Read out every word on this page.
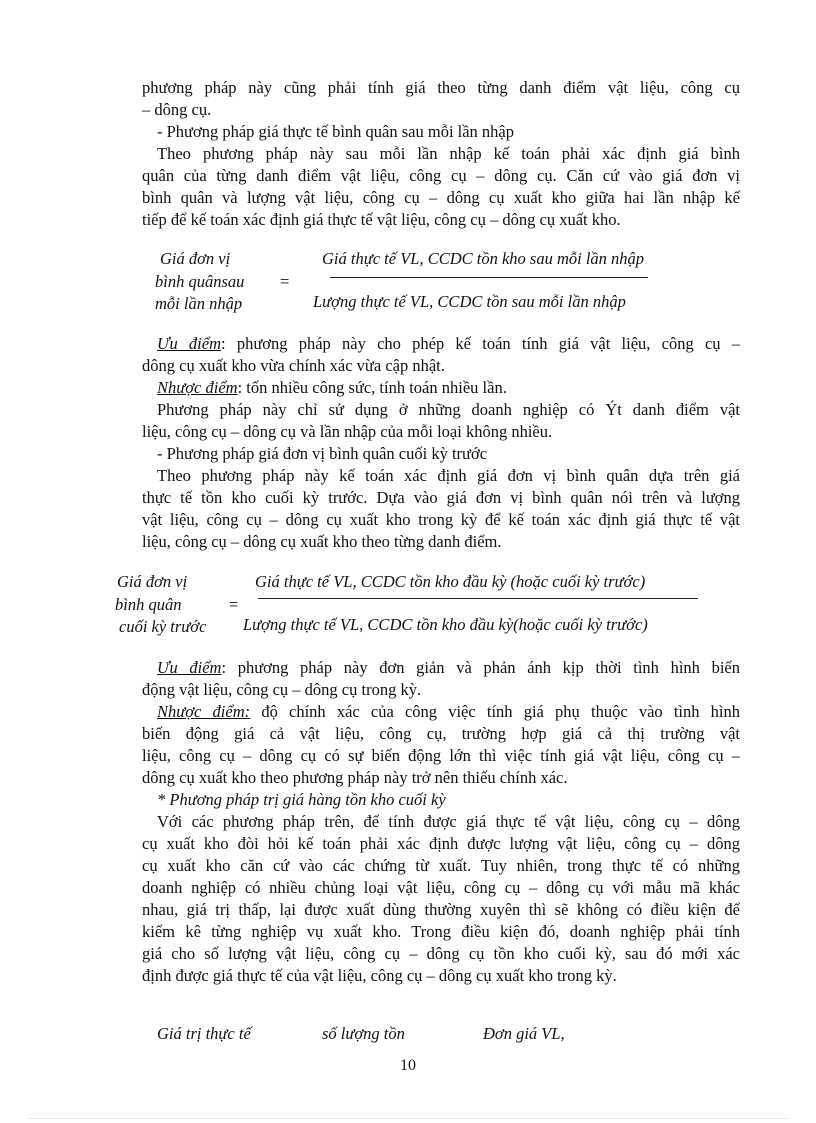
phương pháp này cũng phải tính giá theo từng danh điểm vật liệu, công cụ

– dông cụ.

- Phương pháp giá thực tế bình quân sau mỗi lần nhập

Theo phương pháp này sau mỗi lần nhập kế toán phải xác định giá bình

quân của từng danh điểm vật liệu, công cụ – dông cụ. Căn cứ vào giá đơn vị

bình quân và lượng vật liệu, công cụ – dông cụ xuất kho giữa hai lần nhập kế

tiếp để kế toán xác định giá thực tế vật liệu, công cụ – dông cụ xuất kho.

Giá đơn vị
bình quânsau
mỗi lần nhập
=
Giá thực tế VL, CCDC tồn kho sau mỗi lần nhập
Lượng thực tế VL, CCDC tồn sau mỗi lần nhập

Ưu điểm: phương pháp này cho phép kế toán tính giá vật liệu, công cụ –

dông cụ xuất kho vừa chính xác vừa cập nhật.

Nhược điểm: tốn nhiều công sức, tính toán nhiều lần.

Phương pháp này chỉ sử dụng ở những doanh nghiệp có Ýt danh điểm vật

liệu, công cụ – dông cụ và lần nhập của mỗi loại không nhiều.

- Phương pháp giá đơn vị bình quân cuối kỳ trước

Theo phương pháp này kế toán xác định giá đơn vị bình quân dựa trên giá

thực tế tồn kho cuối kỳ trước. Dựa vào giá đơn vị bình quân nói trên và lượng

vật liệu, công cụ – dông cụ xuất kho trong kỳ để kế toán xác định giá thực tế vật

liệu, công cụ – dông cụ xuất kho theo từng danh điểm.

Giá đơn vị
bình quân
cuối kỳ trước
=
Giá thực tế VL, CCDC tồn kho đầu kỳ (hoặc cuối kỳ trước)
Lượng thực tế VL, CCDC tồn kho đầu kỳ(hoặc cuối kỳ trước)

Ưu điểm: phương pháp này đơn giản và phản ánh kịp thời tình hình biến

động vật liệu, công cụ – dông cụ trong kỳ.

Nhược điểm: độ chính xác của công việc tính giá phụ thuộc vào tình hình

biến động giá cả vật liệu, công cụ, trường hợp giá cả thị trường vật

liệu, công cụ – dông cụ có sự biến động lớn thì việc tính giá vật liệu, công cụ –

dông cụ xuất kho theo phương pháp này trở nên thiếu chính xác.

* Phương pháp trị giá hàng tồn kho cuối kỳ

Với các phương pháp trên, để tính được giá thực tế vật liệu, công cụ – dông

cụ xuất kho đòi hỏi kế toán phải xác định được lượng vật liệu, công cụ – dông

cụ xuất kho căn cứ vào các chứng từ xuất. Tuy nhiên, trong thực tế có những

doanh nghiệp có nhiều chủng loại vật liệu, công cụ – dông cụ với mẫu mã khác

nhau, giá trị thấp, lại được xuất dùng thường xuyên thì sẽ không có điều kiện để

kiểm kê từng nghiệp vụ xuất kho. Trong điều kiện đó, doanh nghiệp phải tính

giá cho số lượng vật liệu, công cụ – dông cụ tồn kho cuối kỳ, sau đó mới xác

định được giá thực tế của vật liệu, công cụ – dông cụ xuất kho trong kỳ.

Giá trị thực tế	số lượng tồn	Đơn giá VL,
10
